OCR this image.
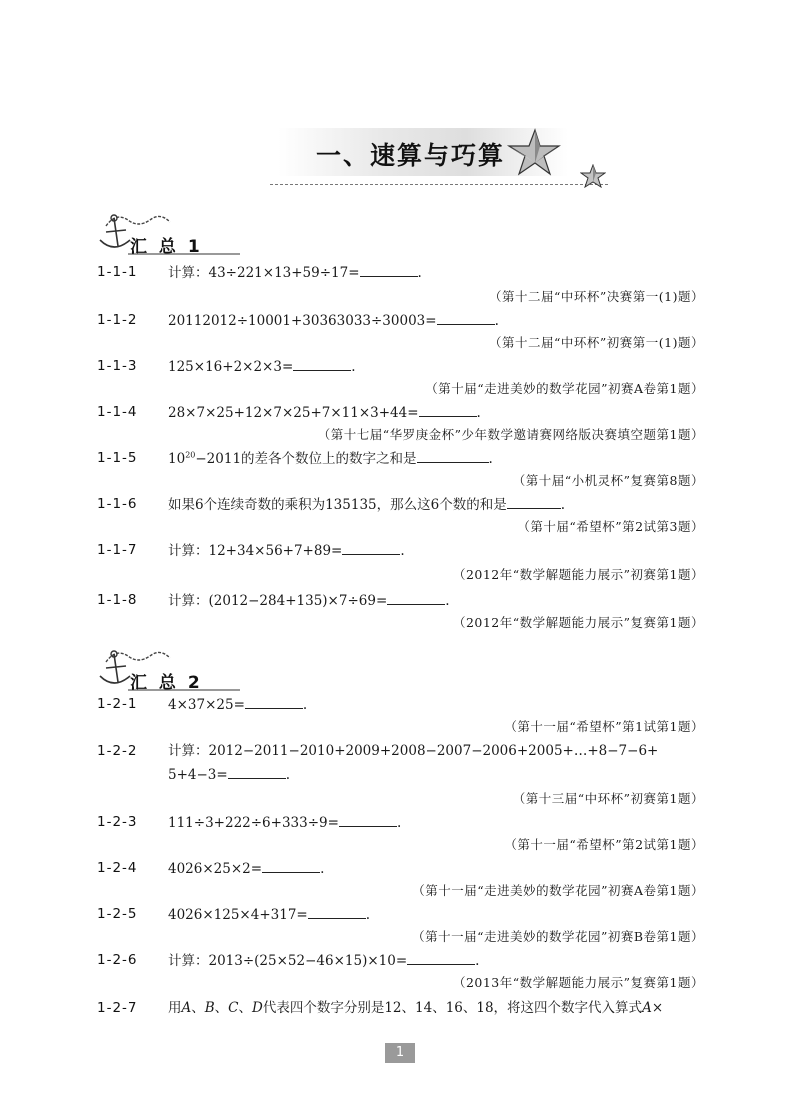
一、速算与巧算
汇 总 1
1-1-1	计算：43÷221×13+59÷17=	.
（第十二届“中环杯”决赛第一(1)题）
1-1-2	20112012÷10001+30363033÷30003=	.
（第十二届“中环杯”初赛第一(1)题）
1-1-3	125×16+2×2×3=	.
（第十届“走进美妙的数学花园”初赛A卷第1题）
1-1-4	28×7×25+12×7×25+7×11×3+44=	.
（第十七届“华罗庚金杯”少年数学邀请赛网络版决赛填空题第1题）
1-1-5	$10^{20}-2011$的差各个数位上的数字之和是	.
（第十届“小机灵杯”复赛第8题）
1-1-6	如果6个连续奇数的乘积为135135，那么这6个数的和是	.
（第十届“希望杯”第2试第3题）
1-1-7	计算：12+34×56+7+89=	.
（2012年“数学解题能力展示”初赛第1题）
1-1-8	计算：(2012−284+135)×7÷69=	.
（2012年“数学解题能力展示”复赛第1题）
汇 总 2
1-2-1	4×37×25=	.
（第十一届“希望杯”第1试第1题）
1-2-2	计算：2012−2011−2010+2009+2008−2007−2006+2005+…+8−7−6+
5+4−3=	.
（第十三届“中环杯”初赛第1题）
1-2-3	111÷3+222÷6+333÷9=	.
（第十一届“希望杯”第2试第1题）
1-2-4	4026×25×2=	.
（第十一届“走进美妙的数学花园”初赛A卷第1题）
1-2-5	4026×125×4+317=	.
（第十一届“走进美妙的数学花园”初赛B卷第1题）
1-2-6	计算：2013÷(25×52−46×15)×10=	.
（2013年“数学解题能力展示”复赛第1题）
1-2-7	用A、B、C、D代表四个数字分别是12、14、16、18，将这四个数字代入算式A×
1
